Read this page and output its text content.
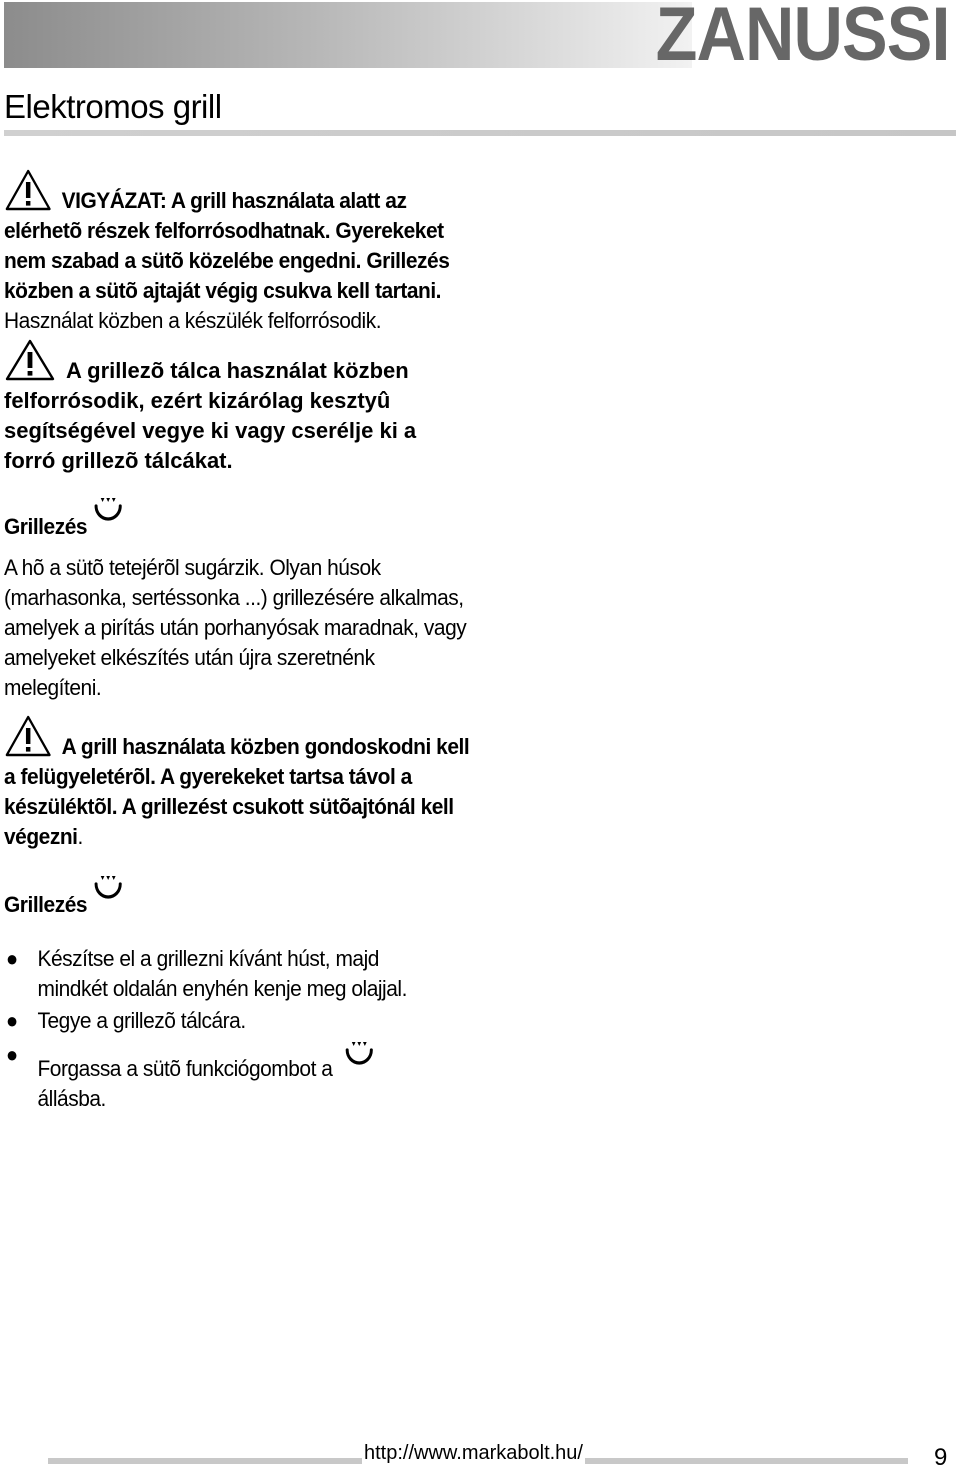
ZANUSSI
Elektromos grill
VIGYÁZAT: A grill használata alatt az elérhetõ részek felforrósodhatnak. Gyerekeket nem szabad a sütõ közelébe engedni. Grillezés közben a sütõ ajtaját végig csukva kell tartani. Használat közben a készülék felforrósodik.
A grillezõ tálca használat közben felforrósodik, ezért kizárólag kesztyû segítségével vegye ki vagy cserélje ki a forró grillezõ tálcákat.
Grillezés
A hõ a sütõ tetejérõl sugárzik. Olyan húsok (marhasonka, sertéssonka ...) grillezésére alkalmas, amelyek a pirítás után porhanyósak maradnak, vagy amelyeket elkészítés után újra szeretnénk melegíteni.
A grill használata közben gondoskodni kell a felügyeletérõl. A gyerekeket tartsa távol a készüléktõl. A grillezést csukott sütõajtónál kell végezni.
Grillezés
● Készítse el a grillezni kívánt húst, majd mindkét oldalán enyhén kenje meg olajjal.
● Tegye a grillezõ tálcára.
●
Forgassa a sütõ funkciógombot a
állásba.
http://www.markabolt.hu/	9
